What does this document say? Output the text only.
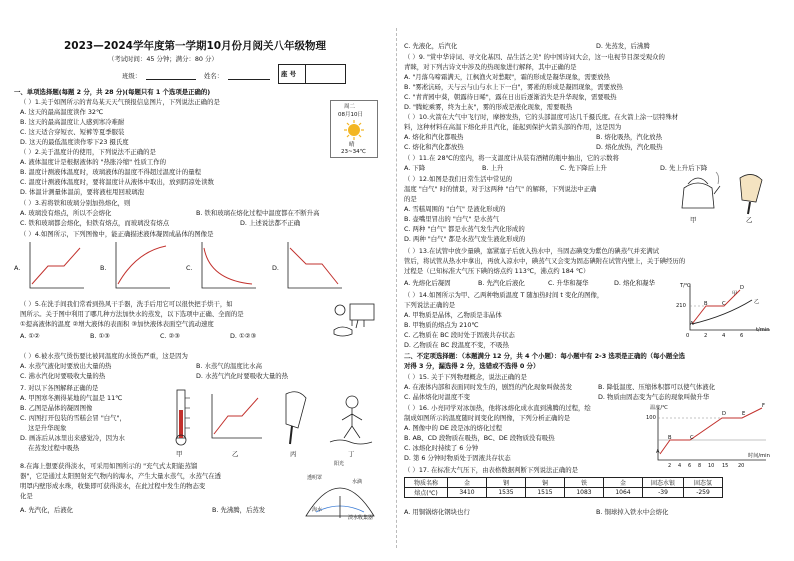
2023—2024学年度第一学期10月份月阅关八年级物理
（考试时间：45 分钟；满分：80 分）
班级：	姓名：	座 号
一、单项选择题(每题 2 分，共 28 分)(每题只有 1 个选项是正确的)
（ ）1.关于如图所示的青岛某天天气预报信息图片，下列说法正确的是
A. 这天的最高温度读作 32℃
B. 这天的最高温度让人感到寒冷难耐
C. 这天适合穿短衣、短裤等夏季服装
D. 这天的最低温度读作零下23 摄氏度
周二
08月10日
晴
23~34℃
（ ）2.关于温度计的使用，下列说法不正确的是
A. 液体温度计是根据液体的 "热胀冷缩" 性质工作的
B. 温度计测液体温度时，玻璃液体的温度不得超过温度计的量程
C. 温度计测液体温度时，要将温度计从液体中取出，放到阴凉处读数
D. 体温计测量体温前，要将液柱甩回玻璃泡
（ ）3.若将铁和玻璃分别加热熔化，则
A. 玻璃没有熔点，所以不会熔化	B. 铁和玻璃在熔化过程中温度都在不断升高
C. 铁和玻璃都会熔化，但铁有熔点，而玻璃没有熔点	D. 上述说法都不正确
（ ）4.如图所示，下列图像中，能正确描述液体凝固成晶体的图像是
A.	B.	C.	D.
（ ）5.在洗手间我们常看到热风干手器，洗手后用它可以很快把手烘干，如
图所示。关于图中利用了哪几种方法加快水的蒸发，以下选项中正确、全面的是
①提高液体的温度 ②增大液体的表面积 ③加快液体表面空气流动速度
A. ①②	B. ①③	C. ②③	D. ①②③
（ ）6.被水蒸气烫伤要比被同温度的水烫伤严重，这是因为
A. 水蒸气液化时要放出大量的热	B. 水蒸气的温度比水高
C. 沸水汽化时要吸收大量的热	D. 水蒸气汽化时要吸收大量的热
7. 对以下各图解释正确的是
A. 甲图寒冬测得某地的气温是 11℃
B. 乙图是晶体的凝固图像
C. 丙图打开包装的雪糕会冒 "白气"，
这是升华现象
D. 画冻后从冰里出来感觉冷，因为水
在蒸发过程中吸热
甲	乙	丙	丁
8.在海上想要获得淡水，可采用如图所示的 "充气式太阳能蒸馏
器"，它是通过太阳照射充气物内的海水，产生大量水蒸气，水蒸气在透
明罩内壁形成水珠，收集即可获得淡水，在此过程中发生的物态变
化是
A. 先汽化，后液化	B. 先沸腾，后蒸发
透明罩
水滴
阳光
海水
淡水收集器
C. 先液化，后汽化	D. 先蒸发，后沸腾
（ ）9. "赏中华诗词、寻文化基因、品生活之美" 的中国诗词大会，这一电视节目深受观众的
青睐，对下列古诗文中涉及的热现象进行解释，其中正确的是
A. "月落乌啼霜满天，江枫渔火对愁眠"，霜的形成是凝华现象，需要放热
B. "雾凇沆砀，天与云与山与水上下一白"，雾凇的形成是凝固现象，需要放热
C. "青青园中葵，朝露待日晞"，露在日出后逐渐消失是升华现象，需要吸热
D. "腾蛇乘雾，终为土灰"，雾的形成是液化现象，需要吸热
（ ）10.火箭在大气中飞行时，摩擦发热，它的头部温度可达几千摄氏度。在火箭上涂一层特殊材
料，这种材料在高温下熔化并且汽化，能起到保护火箭头部的作用，这是因为
A. 熔化和汽化都吸热	B. 熔化吸热，汽化放热
C. 熔化和汽化都放热	D. 熔化放热，汽化吸热
（ ）11.在 28℃的室内，将一支温度计从装有酒精的瓶中抽出，它的示数将
A. 下降	B. 上升	C. 先下降后上升	D. 先上升后下降
（ ）12.如图是我们日常生活中常见的
温度 "白气" 时的情景，对于这两种 "白气" 的解释，下列说法中正确
的是
A. 雪糕周围的 "白气" 是液化形成的
B. 壶嘴里冒出的 "白气" 是水蒸气
C. 两种 "白气" 都是水蒸气发生汽化形成的
D. 两种 "白气" 都是水蒸气发生液化形成的
甲	乙
（ ）13.在试管中放少量碘，塞紧塞子后放入热水中，当固态碘变为紫色的碘蒸气并充满试
管后，将试管从热水中拿出，再放入凉水中，碘蒸气又会变为固态碘附在试管内壁上，关于碘经历的
过程是（已知标准大气压下碘的熔点约 113℃，沸点约 184 ℃）
A. 先熔化后凝固	B. 先汽化后液化	C. 升华和凝华	D. 熔化和凝华
（ ）14.如图所示为甲、乙两种物质温度 T 随加热时间 t 变化的图像，
下列说法正确的是
A. 甲物质是晶体，乙物质是非晶体
B. 甲物质的熔点为 210℃
C. 乙物质在 BC 段时处于固液共存状态
D. 乙物质在 BC 段温度不变，不吸热
T/℃
t/min
210
0	2	4	6
A
B	C
D
甲
乙
二、不定项选择题：（本题满分 12 分，共 4 个小题）：每小题中有 2-3 选项是正确的（每小题全选
对得 3 分，漏选得 2 分，选错或不选得 0 分）
（ ）15. 关于下列物理概念，说法正确的是
A. 在液体内部和表面同时发生的，剧烈的汽化现象叫做蒸发	B. 降低温度、压缩体积都可以使气体液化
C. 晶体熔化时温度不变	D. 物质由固态变为气态的现象叫做升华
（ ）16. 小亮同学对冰加热，他将冰熔化成水直到沸腾的过程，绘
制成如图所示的温度随时间变化的图像，下列分析正确的是
A. 图像中的 DE 段是冰的熔化过程
B. AB、CD 段物质在吸热，BC、DE 段物质没有吸热
C. 冰熔化时持续了 6 分钟
D. 第 6 分钟时物质处于固液共存状态
温度/℃
时间/min
100
2 4 6 8 10 15 20
A
B	C
D	E
F
（ ）17. 在标准大气压下，由表格数据判断下列说法正确的是
物质名称	金	钢	铜	铁	金	固态水银	固态氢
熔点(℃)	3410	1535	1515	1083	1064	-39	-259
A. 用铜锅熔化钢块也行	B. 铜球掉入铁水中会熔化
